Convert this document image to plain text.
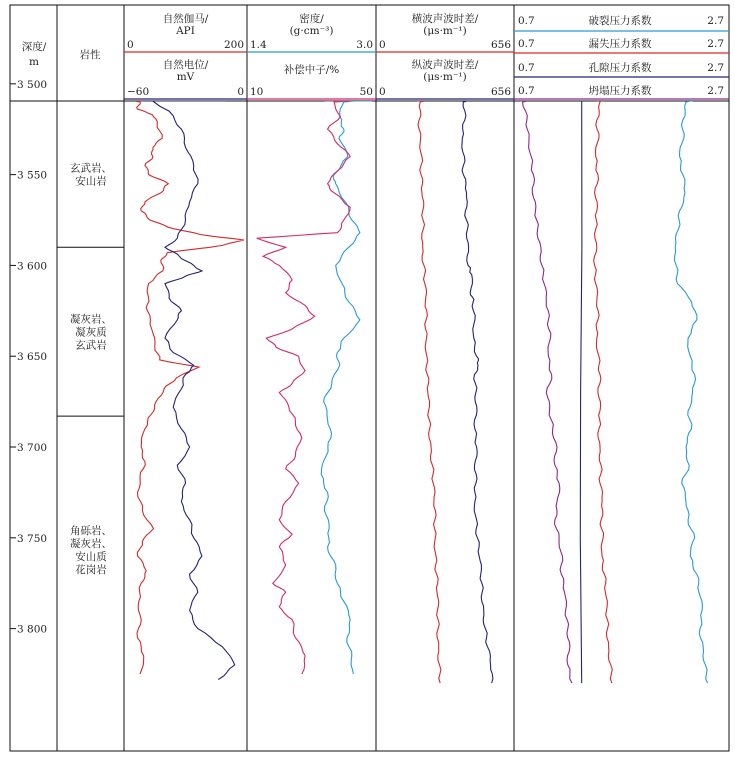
深度/
m
岩性
自然伽马/
API
0	200
自然电位/
mV
−60	0
密度/
(g·cm⁻³)
1.4	3.0
补偿中子/%
10	50
横波声波时差/
(μs·m⁻¹)
0	656
纵波声波时差/
(μs·m⁻¹)
0	656
0.7	破裂压力系数	2.7
0.7	漏失压力系数	2.7
0.7	孔隙压力系数	2.7
0.7	坍塌压力系数	2.7
3 500
3 550
3 600
3 650
3 700
3 750
3 800
玄武岩、
安山岩
凝灰岩、
凝灰质
玄武岩
角砾岩、
凝灰岩、
安山质
花岗岩
